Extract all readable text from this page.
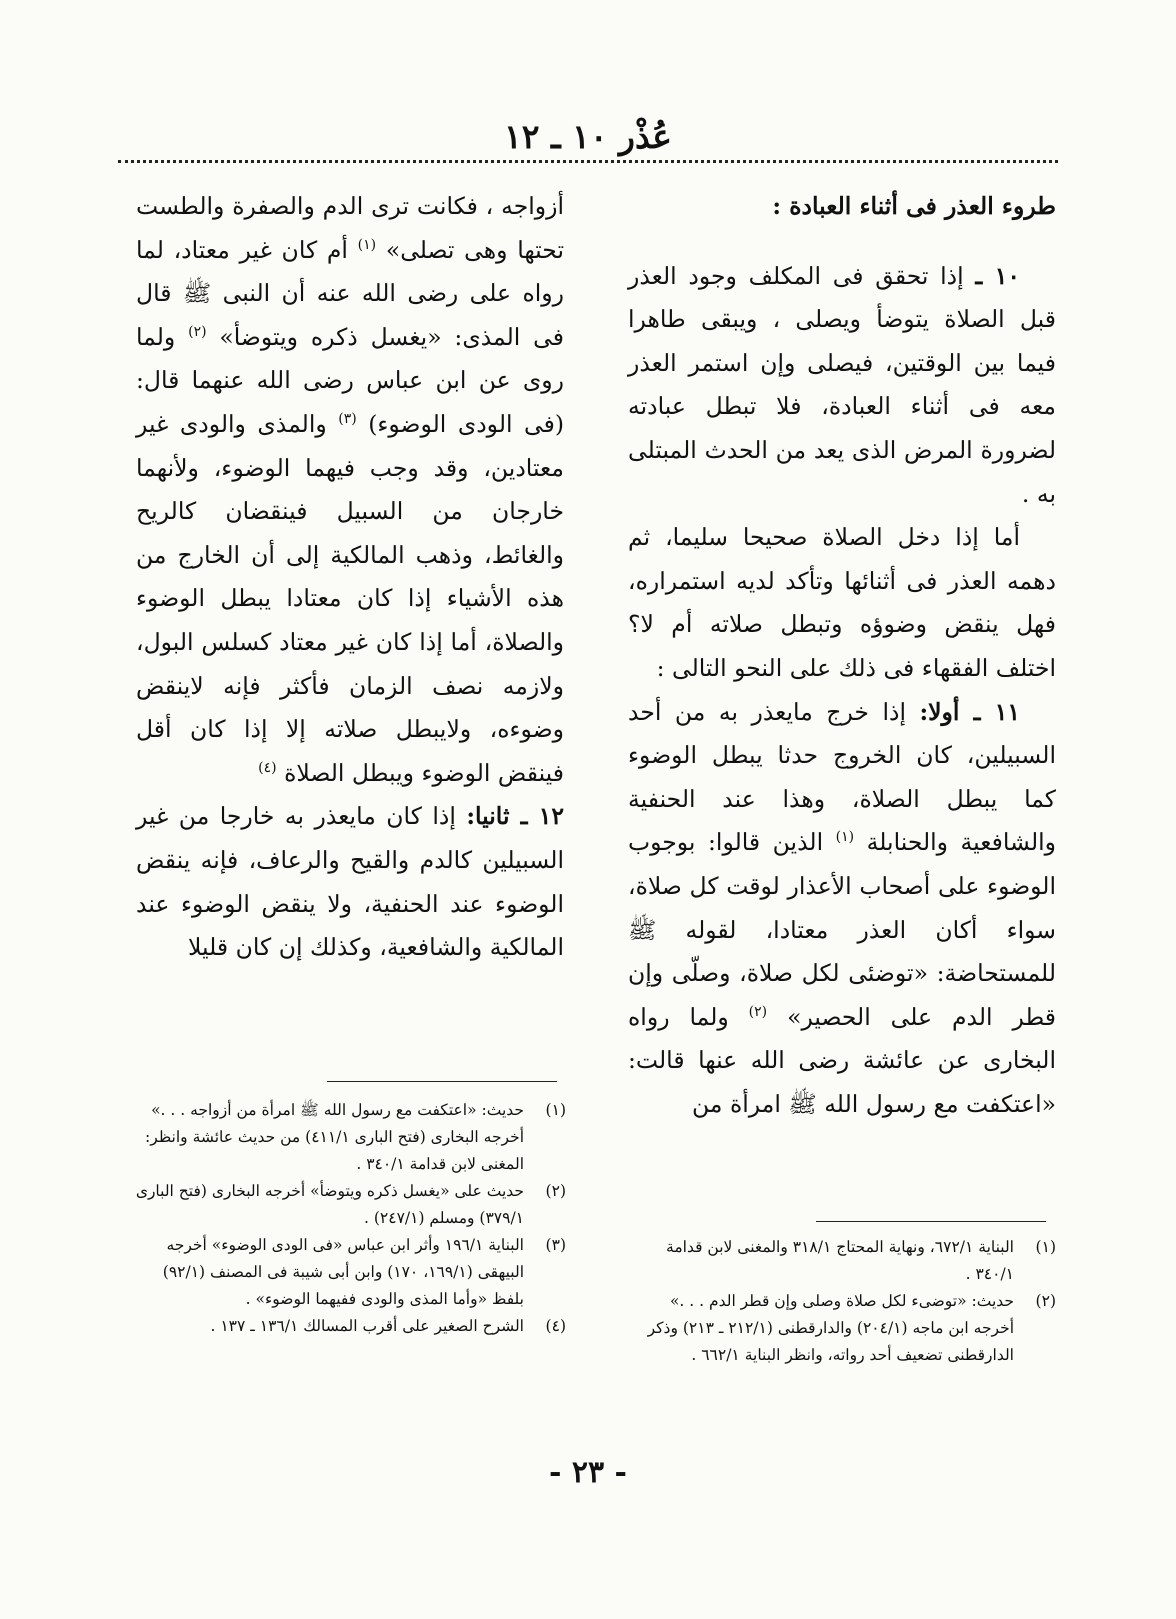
عُذْر ١٠ ـ ١٢

طروء العذر فى أثناء العبادة :

١٠ ـ إذا تحقق فى المكلف وجود العذر قبل الصلاة يتوضأ ويصلى ، ويبقى طاهرا فيما بين الوقتين، فيصلى وإن استمر العذر معه فى أثناء العبادة، فلا تبطل عبادته لضرورة المرض الذى يعد من الحدث المبتلى به .

أما إذا دخل الصلاة صحيحا سليما، ثم دهمه العذر فى أثنائها وتأكد لديه استمراره، فهل ينقض وضوؤه وتبطل صلاته أم لا؟ اختلف الفقهاء فى ذلك على النحو التالى :

١١ ـ أولا: إذا خرج مايعذر به من أحد السبيلين، كان الخروج حدثا يبطل الوضوء كما يبطل الصلاة، وهذا عند الحنفية والشافعية والحنابلة $^{(١)}$ الذين قالوا: بوجوب الوضوء على أصحاب الأعذار لوقت كل صلاة، سواء أكان العذر معتادا، لقوله ﷺ للمستحاضة: «توضئى لكل صلاة، وصلّى وإن قطر الدم على الحصير» $^{(٢)}$ ولما رواه البخارى عن عائشة رضى الله عنها قالت: «اعتكفت مع رسول الله ﷺ امرأة من

أزواجه ، فكانت ترى الدم والصفرة والطست تحتها وهى تصلى» $^{(١)}$ أم كان غير معتاد، لما رواه على رضى الله عنه أن النبى ﷺ قال فى المذى: «يغسل ذكره ويتوضأ» $^{(٢)}$ ولما روى عن ابن عباس رضى الله عنهما قال: (فى الودى الوضوء) $^{(٣)}$ والمذى والودى غير معتادين، وقد وجب فيهما الوضوء، ولأنهما خارجان من السبيل فينقضان كالريح والغائط، وذهب المالكية إلى أن الخارج من هذه الأشياء إذا كان معتادا يبطل الوضوء والصلاة، أما إذا كان غير معتاد كسلس البول، ولازمه نصف الزمان فأكثر فإنه لاينقض وضوءه، ولايبطل صلاته إلا إذا كان أقل فينقض الوضوء ويبطل الصلاة $^{(٤)}$

١٢ ـ ثانيا: إذا كان مايعذر به خارجا من غير السبيلين كالدم والقيح والرعاف، فإنه ينقض الوضوء عند الحنفية، ولا ينقض الوضوء عند المالكية والشافعية، وكذلك إن كان قليلا

(١)
حديث: «اعتكفت مع رسول الله ﷺ امرأة من أزواجه . . .» أخرجه البخارى (فتح البارى ٤١١/١) من حديث عائشة وانظر: المغنى لابن قدامة ٣٤٠/١ .
(٢)
حديث على «يغسل ذكره ويتوضأ» أخرجه البخارى (فتح البارى ٣٧٩/١) ومسلم (٢٤٧/١) .
(٣)
البناية ١٩٦/١ وأثر ابن عباس «فى الودى الوضوء» أخرجه البيهقى (١٦٩/١، ١٧٠) وابن أبى شيبة فى المصنف (٩٢/١) بلفظ «وأما المذى والودى ففيهما الوضوء» .
(٤)
الشرح الصغير على أقرب المسالك ١٣٦/١ ـ ١٣٧ .
(١)
البناية ٦٧٢/١، ونهاية المحتاج ٣١٨/١ والمغنى لابن قدامة ٣٤٠/١ .
(٢)
حديث: «توضىء لكل صلاة وصلى وإن قطر الدم . . .» أخرجه ابن ماجه (٢٠٤/١) والدارقطنى (٢١٢/١ ـ ٢١٣) وذكر الدارقطنى تضعيف أحد رواته، وانظر البناية ٦٦٢/١ .
- ٢٣ -
